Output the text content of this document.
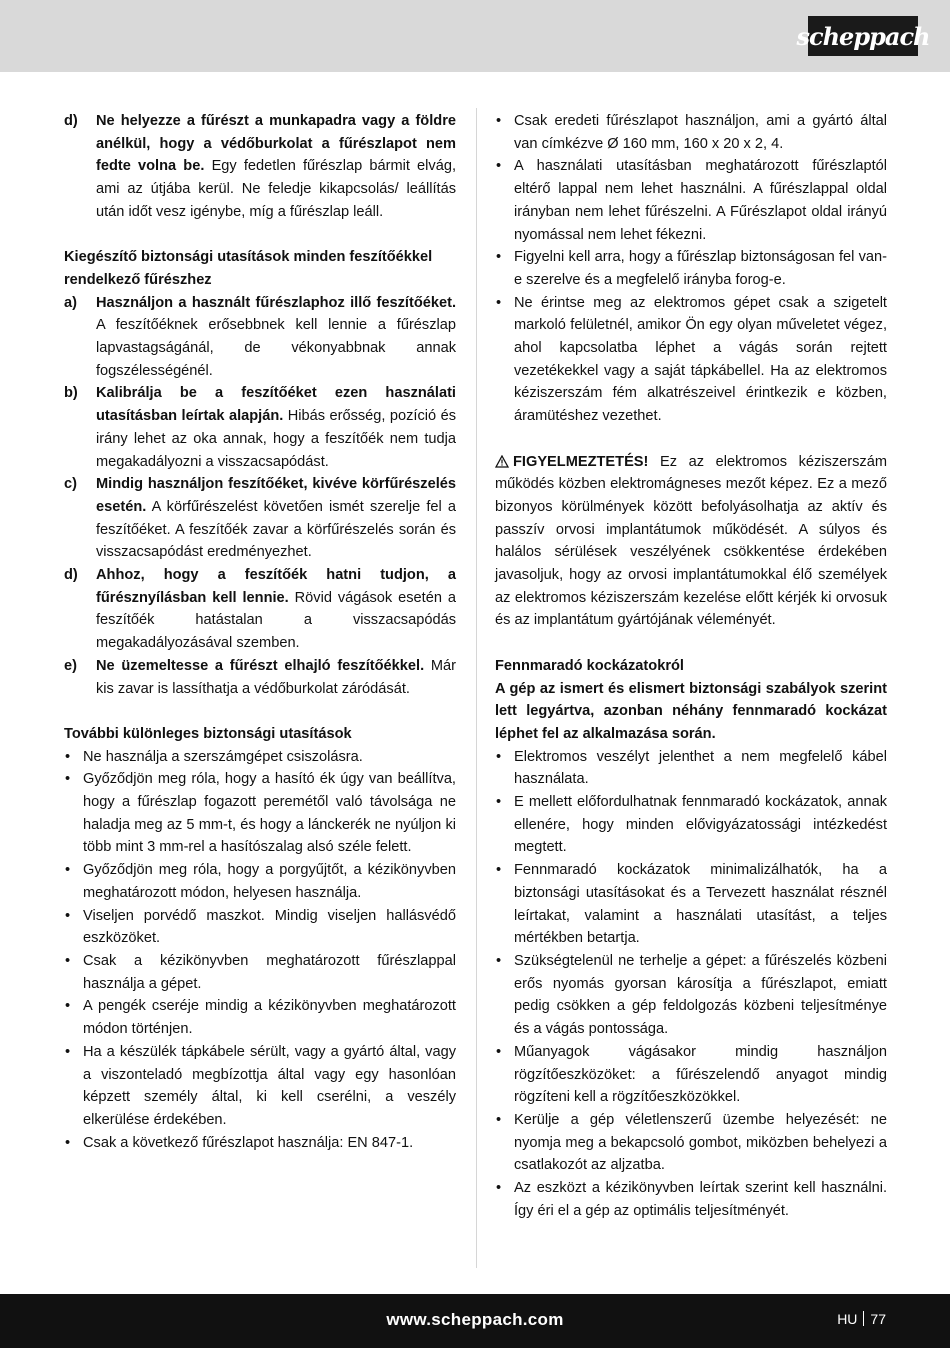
scheppach
d)	Ne helyezze a fűrészt a munkapadra vagy a földre anélkül, hogy a védőburkolat a fűrészlapot nem fedte volna be. Egy fedetlen fűrészlap bármit elvág, ami az útjába kerül. Ne feledje kikapcsolás/ leállítás után időt vesz igénybe, míg a fűrészlap leáll.

Kiegészítő biztonsági utasítások minden feszítőékkel rendelkező fűrészhez

a)	Használjon a használt fűrészlaphoz illő feszítőéket. A feszítőéknek erősebbnek kell lennie a fűrészlap lapvastagságánál, de vékonyabbnak annak fogszélességénél.
b)	Kalibrálja be a feszítőéket ezen használati utasításban leírtak alapján. Hibás erősség, pozíció és irány lehet az oka annak, hogy a feszítőék nem tudja megakadályozni a visszacsapódást.
c)	Mindig használjon feszítőéket, kivéve körfűrészelés esetén. A körfűrészelést követően ismét szerelje fel a feszítőéket. A feszítőék zavar a körfűrészelés során és visszacsapódást eredményezhet.
d)	Ahhoz, hogy a feszítőék hatni tudjon, a fűrésznyílásban kell lennie. Rövid vágások esetén a feszítőék hatástalan a visszacsapódás megakadályozásával szemben.
e)	Ne üzemeltesse a fűrészt elhajló feszítőékkel. Már kis zavar is lassíthatja a védőburkolat záródását.

További különleges biztonsági utasítások

• Ne használja a szerszámgépet csiszolásra.
• Győződjön meg róla, hogy a hasító ék úgy van beállítva, hogy a fűrészlap fogazott peremétől való távolsága ne haladja meg az 5 mm-t, és hogy a lánckerék ne nyúljon ki több mint 3 mm-rel a hasítószalag alsó széle felett.
• Győződjön meg róla, hogy a porgyűjtőt, a kézikönyvben meghatározott módon, helyesen használja.
• Viseljen porvédő maszkot. Mindig viseljen hallásvédő eszközöket.
• Csak a kézikönyvben meghatározott fűrészlappal használja a gépet.
• A pengék cseréje mindig a kézikönyvben meghatározott módon történjen.
• Ha a készülék tápkábele sérült, vagy a gyártó által, vagy a viszonteladó megbízottja által vagy egy hasonlóan képzett személy által, ki kell cserélni, a veszély elkerülése érdekében.
• Csak a következő fűrészlapot használja: EN 847-1.
• Csak eredeti fűrészlapot használjon, ami a gyártó által van címkézve Ø 160 mm, 160 x 20 x 2, 4.
• A használati utasításban meghatározott fűrészlaptól eltérő lappal nem lehet használni. A fűrészlappal oldal irányban nem lehet fűrészelni. A Fűrészlapot oldal irányú nyomással nem lehet fékezni.
• Figyelni kell arra, hogy a fűrészlap biztonságosan fel van-e szerelve és a megfelelő irányba forog-e.
• Ne érintse meg az elektromos gépet csak a szigetelt markoló felületnél, amikor Ön egy olyan műveletet végez, ahol kapcsolatba léphet a vágás során rejtett vezetékekkel vagy a saját tápkábellel. Ha az elektromos kéziszerszám fém alkatrészeivel érintkezik e közben, áramütéshez vezethet.

FIGYELMEZTETÉS! Ez az elektromos kéziszerszám működés közben elektromágneses mezőt képez. Ez a mező bizonyos körülmények között befolyásolhatja az aktív és passzív orvosi implantátumok működését. A súlyos és halálos sérülések veszélyének csökkentése érdekében javasoljuk, hogy az orvosi implantátumokkal élő személyek az elektromos kéziszerszám kezelése előtt kérjék ki orvosuk és az implantátum gyártójának véleményét.

Fennmaradó kockázatokról

A gép az ismert és elismert biztonsági szabályok szerint lett legyártva, azonban néhány fennmaradó kockázat léphet fel az alkalmazása során.

• Elektromos veszélyt jelenthet a nem megfelelő kábel használata.
• E mellett előfordulhatnak fennmaradó kockázatok, annak ellenére, hogy minden elővigyázatossági intézkedést megtett.
• Fennmaradó kockázatok minimalizálhatók, ha a biztonsági utasításokat és a Tervezett használat résznél leírtakat, valamint a használati utasítást, a teljes mértékben betartja.
• Szükségtelenül ne terhelje a gépet: a fűrészelés közbeni erős nyomás gyorsan károsítja a fűrészlapot, emiatt pedig csökken a gép feldolgozás közbeni teljesítménye és a vágás pontossága.
• Műanyagok vágásakor mindig használjon rögzítőeszközöket: a fűrészelendő anyagot mindig rögzíteni kell a rögzítőeszközökkel.
• Kerülje a gép véletlenszerű üzembe helyezését: ne nyomja meg a bekapcsoló gombot, miközben behelyezi a csatlakozót az aljzatba.
• Az eszközt a kézikönyvben leírtak szerint kell használni. Így éri el a gép az optimális teljesítményét.
www.scheppach.com	HU 77
